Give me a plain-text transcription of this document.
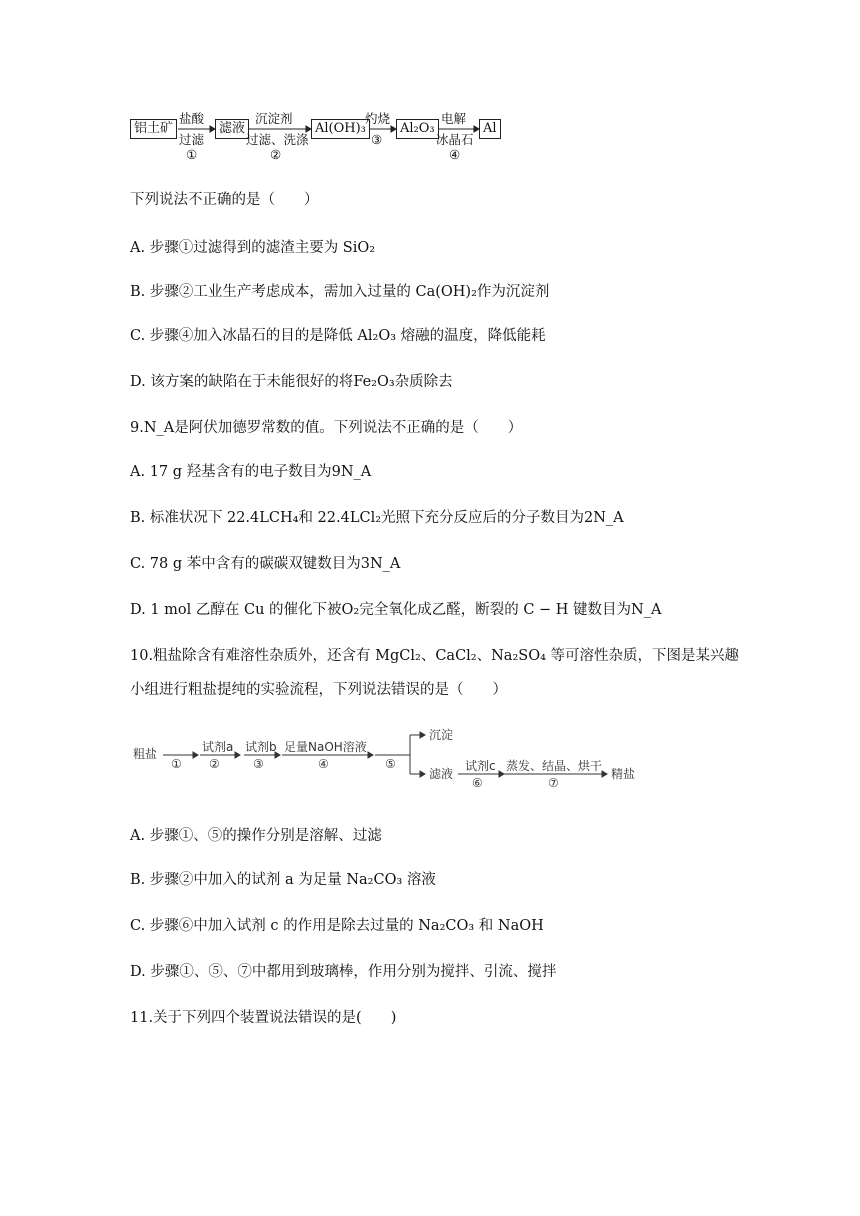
铝土矿
盐酸
过滤
①
滤液
沉淀剂
过滤、洗涤
②
Al(OH)₃
灼烧
③
Al₂O₃
电解
冰晶石
④
Al
下列说法不正确的是（　　）
A. 步骤①过滤得到的滤渣主要为 SiO₂
B. 步骤②工业生产考虑成本，需加入过量的 Ca(OH)₂作为沉淀剂
C. 步骤④加入冰晶石的目的是降低 Al₂O₃ 熔融的温度，降低能耗
D. 该方案的缺陷在于未能很好的将Fe₂O₃杂质除去
9.N_A是阿伏加德罗常数的值。下列说法不正确的是（　　）
A. 17 g 羟基含有的电子数目为9N_A
B. 标准状况下 22.4LCH₄和 22.4LCl₂光照下充分反应后的分子数目为2N_A
C. 78 g 苯中含有的碳碳双键数目为3N_A
D. 1 mol 乙醇在 Cu 的催化下被O₂完全氧化成乙醛，断裂的 C − H 键数目为N_A
10.粗盐除含有难溶性杂质外，还含有 MgCl₂、CaCl₂、Na₂SO₄ 等可溶性杂质，下图是某兴趣
小组进行粗盐提纯的实验流程，下列说法错误的是（　　）
粗盐
①
试剂a
②
试剂b
③
足量NaOH溶液
④	⑤
沉淀
滤液
试剂c
⑥
蒸发、结晶、烘干
⑦
精盐
A. 步骤①、⑤的操作分别是溶解、过滤
B. 步骤②中加入的试剂 a 为足量 Na₂CO₃ 溶液
C. 步骤⑥中加入试剂 c 的作用是除去过量的 Na₂CO₃ 和 NaOH
D. 步骤①、⑤、⑦中都用到玻璃棒，作用分别为搅拌、引流、搅拌
11.关于下列四个装置说法错误的是(　　)
